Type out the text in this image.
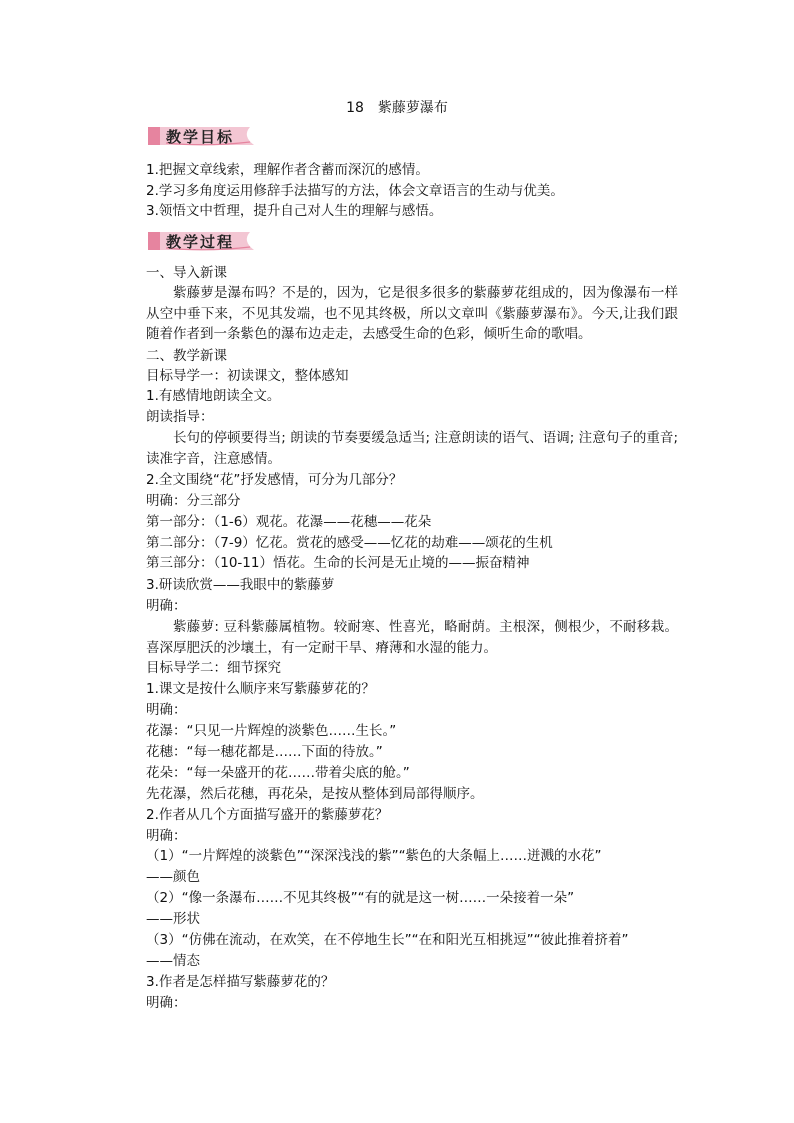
18　紫藤萝瀑布
教学目标
1.把握文章线索，理解作者含蓄而深沉的感情。
2.学习多角度运用修辞手法描写的方法，体会文章语言的生动与优美。
3.领悟文中哲理，提升自己对人生的理解与感悟。
教学过程
一、导入新课
紫藤萝是瀑布吗？不是的，因为，它是很多很多的紫藤萝花组成的，因为像瀑布一样从空中垂下来，不见其发端，也不见其终极，所以文章叫《紫藤萝瀑布》。今天,让我们跟随着作者到一条紫色的瀑布边走走，去感受生命的色彩，倾听生命的歌唱。
二、教学新课
目标导学一：初读课文，整体感知
1.有感情地朗读全文。
朗读指导：
长句的停顿要得当; 朗读的节奏要缓急适当; 注意朗读的语气、语调; 注意句子的重音; 读准字音，注意感情。
2.全文围绕“花”抒发感情，可分为几部分？
明确：分三部分
第一部分：（1-6）观花。花瀑——花穗——花朵
第二部分：（7-9）忆花。赏花的感受——忆花的劫难——颂花的生机
第三部分：（10-11）悟花。生命的长河是无止境的——振奋精神
3.研读欣赏——我眼中的紫藤萝
明确：
紫藤萝: 豆科紫藤属植物。较耐寒、性喜光，略耐荫。主根深，侧根少，不耐移栽。喜深厚肥沃的沙壤土，有一定耐干旱、瘠薄和水湿的能力。
目标导学二：细节探究
1.课文是按什么顺序来写紫藤萝花的？
明确：
花瀑：“只见一片辉煌的淡紫色……生长。”
花穗：“每一穗花都是……下面的待放。”
花朵：“每一朵盛开的花……带着尖底的舱。”
先花瀑，然后花穗，再花朵，是按从整体到局部得顺序。
2.作者从几个方面描写盛开的紫藤萝花？
明确：
（1）“一片辉煌的淡紫色”“深深浅浅的紫”“紫色的大条幅上……迸溅的水花”
——颜色
（2）“像一条瀑布……不见其终极”“有的就是这一树……一朵接着一朵”
——形状
（3）“仿佛在流动，在欢笑，在不停地生长”“在和阳光互相挑逗”“彼此推着挤着”
——情态
3.作者是怎样描写紫藤萝花的？
明确：
